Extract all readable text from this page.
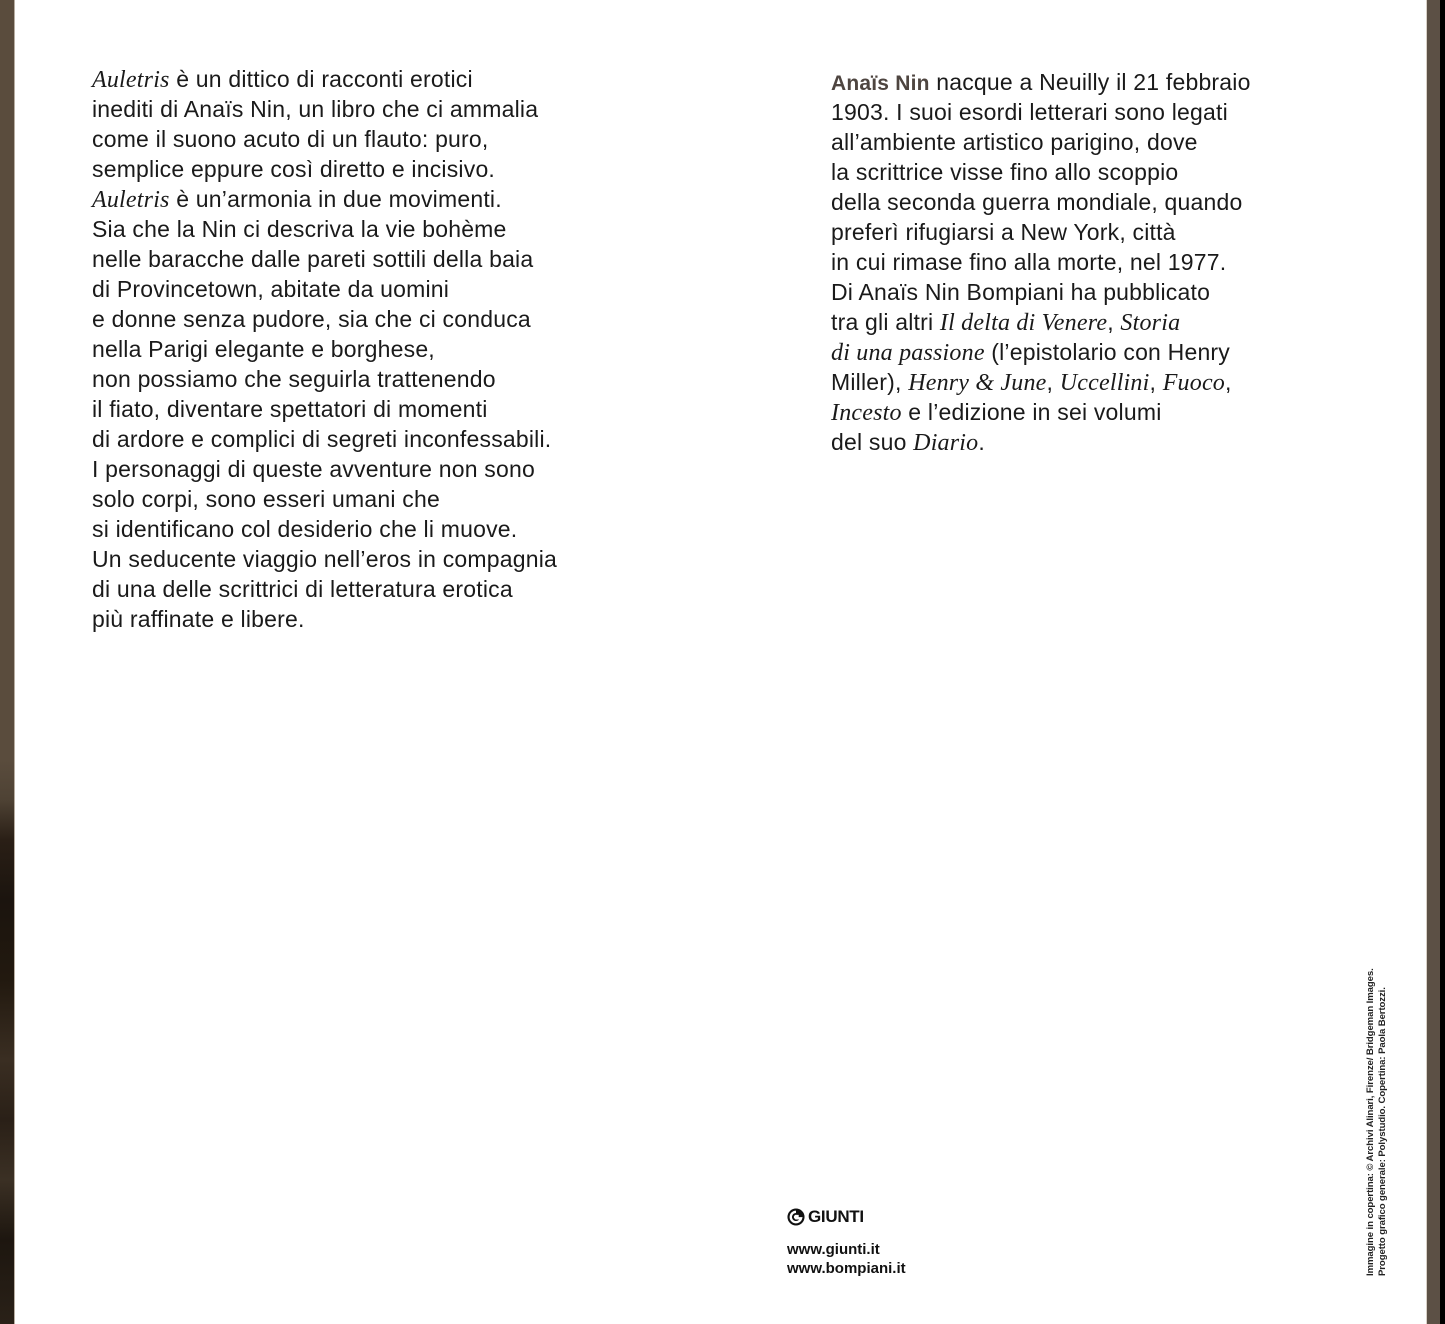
Auletris è un dittico di racconti erotici
inediti di Anaïs Nin, un libro che ci ammalia
come il suono acuto di un flauto: puro,
semplice eppure così diretto e incisivo.
Auletris è un’armonia in due movimenti.
Sia che la Nin ci descriva la vie bohème
nelle baracche dalle pareti sottili della baia
di Provincetown, abitate da uomini
e donne senza pudore, sia che ci conduca
nella Parigi elegante e borghese,
non possiamo che seguirla trattenendo
il fiato, diventare spettatori di momenti
di ardore e complici di segreti inconfessabili.
I personaggi di queste avventure non sono
solo corpi, sono esseri umani che
si identificano col desiderio che li muove.
Un seducente viaggio nell’eros in compagnia
di una delle scrittrici di letteratura erotica
più raffinate e libere.
Anaïs Nin nacque a Neuilly il 21 febbraio
1903. I suoi esordi letterari sono legati
all’ambiente artistico parigino, dove
la scrittrice visse fino allo scoppio
della seconda guerra mondiale, quando
preferì rifugiarsi a New York, città
in cui rimase fino alla morte, nel 1977.
Di Anaïs Nin Bompiani ha pubblicato
tra gli altri Il delta di Venere, Storia
di una passione (l’epistolario con Henry
Miller), Henry & June, Uccellini, Fuoco,
Incesto e l’edizione in sei volumi
del suo Diario.
GIUNTI
www.giunti.it
www.bompiani.it	Immagine in copertina: © Archivi Alinari, Firenze/ Bridgeman Images. Progetto grafico generale: Polystudio. Copertina: Paola Bertozzi.
